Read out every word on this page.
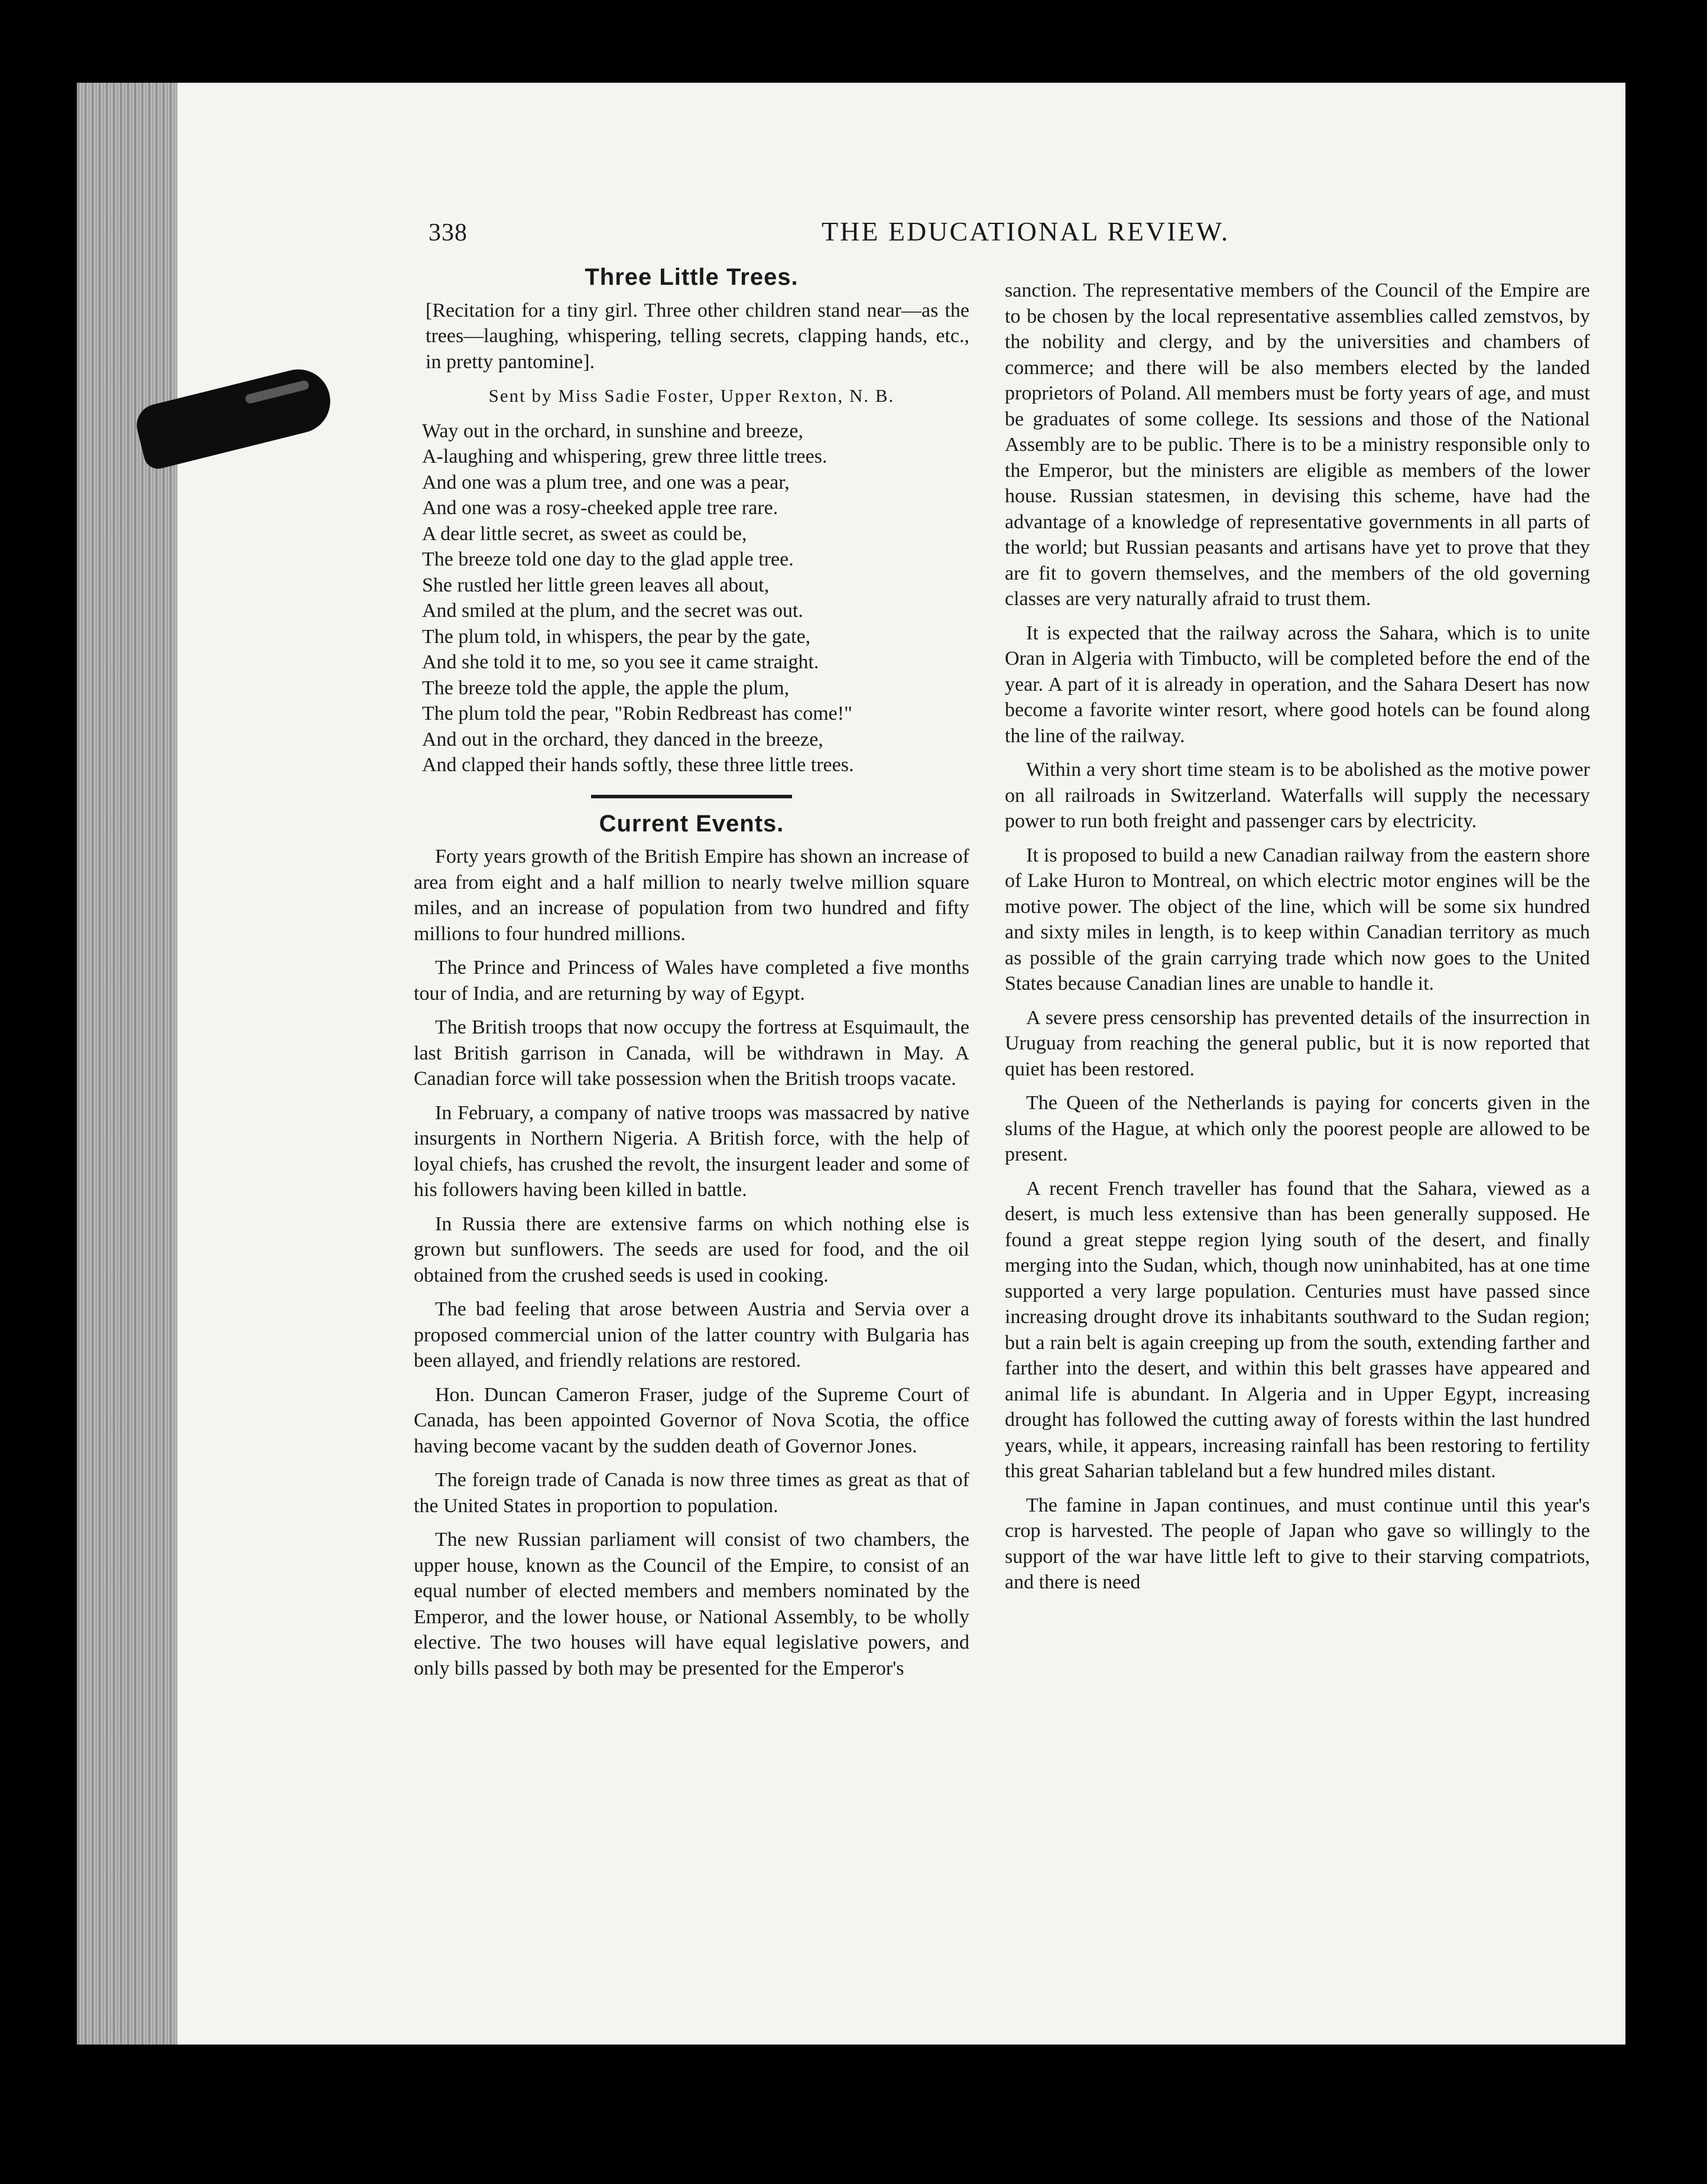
338	THE EDUCATIONAL REVIEW.
Three Little Trees.

[Recitation for a tiny girl. Three other children stand near—as the trees—laughing, whispering, telling secrets, clapping hands, etc., in pretty pantomine].

Sent by Miss Sadie Foster, Upper Rexton, N. B.
Way out in the orchard, in sunshine and breeze,
A-laughing and whispering, grew three little trees.
And one was a plum tree, and one was a pear,
And one was a rosy-cheeked apple tree rare.
A dear little secret, as sweet as could be,
The breeze told one day to the glad apple tree.
She rustled her little green leaves all about,
And smiled at the plum, and the secret was out.
The plum told, in whispers, the pear by the gate,
And she told it to me, so you see it came straight.
The breeze told the apple, the apple the plum,
The plum told the pear, "Robin Redbreast has come!"
And out in the orchard, they danced in the breeze,
And clapped their hands softly, these three little trees.
Current Events.

Forty years growth of the British Empire has shown an increase of area from eight and a half million to nearly twelve million square miles, and an increase of population from two hundred and fifty millions to four hundred millions.

The Prince and Princess of Wales have completed a five months tour of India, and are returning by way of Egypt.

The British troops that now occupy the fortress at Esquimault, the last British garrison in Canada, will be withdrawn in May. A Canadian force will take possession when the British troops vacate.

In February, a company of native troops was massacred by native insurgents in Northern Nigeria. A British force, with the help of loyal chiefs, has crushed the revolt, the insurgent leader and some of his followers having been killed in battle.

In Russia there are extensive farms on which nothing else is grown but sunflowers. The seeds are used for food, and the oil obtained from the crushed seeds is used in cooking.

The bad feeling that arose between Austria and Servia over a proposed commercial union of the latter country with Bulgaria has been allayed, and friendly relations are restored.

Hon. Duncan Cameron Fraser, judge of the Supreme Court of Canada, has been appointed Governor of Nova Scotia, the office having become vacant by the sudden death of Governor Jones.

The foreign trade of Canada is now three times as great as that of the United States in proportion to population.

The new Russian parliament will consist of two chambers, the upper house, known as the Council of the Empire, to consist of an equal number of elected members and members nominated by the Emperor, and the lower house, or National Assembly, to be wholly elective. The two houses will have equal legislative powers, and only bills passed by both may be presented for the Emperor's

sanction. The representative members of the Council of the Empire are to be chosen by the local representative assemblies called zemstvos, by the nobility and clergy, and by the universities and chambers of commerce; and there will be also members elected by the landed proprietors of Poland. All members must be forty years of age, and must be graduates of some college. Its sessions and those of the National Assembly are to be public. There is to be a ministry responsible only to the Emperor, but the ministers are eligible as members of the lower house. Russian statesmen, in devising this scheme, have had the advantage of a knowledge of representative governments in all parts of the world; but Russian peasants and artisans have yet to prove that they are fit to govern themselves, and the members of the old governing classes are very naturally afraid to trust them.

It is expected that the railway across the Sahara, which is to unite Oran in Algeria with Timbucto, will be completed before the end of the year. A part of it is already in operation, and the Sahara Desert has now become a favorite winter resort, where good hotels can be found along the line of the railway.

Within a very short time steam is to be abolished as the motive power on all railroads in Switzerland. Waterfalls will supply the necessary power to run both freight and passenger cars by electricity.

It is proposed to build a new Canadian railway from the eastern shore of Lake Huron to Montreal, on which electric motor engines will be the motive power. The object of the line, which will be some six hundred and sixty miles in length, is to keep within Canadian territory as much as possible of the grain carrying trade which now goes to the United States because Canadian lines are unable to handle it.

A severe press censorship has prevented details of the insurrection in Uruguay from reaching the general public, but it is now reported that quiet has been restored.

The Queen of the Netherlands is paying for concerts given in the slums of the Hague, at which only the poorest people are allowed to be present.

A recent French traveller has found that the Sahara, viewed as a desert, is much less extensive than has been generally supposed. He found a great steppe region lying south of the desert, and finally merging into the Sudan, which, though now uninhabited, has at one time supported a very large population. Centuries must have passed since increasing drought drove its inhabitants southward to the Sudan region; but a rain belt is again creeping up from the south, extending farther and farther into the desert, and within this belt grasses have appeared and animal life is abundant. In Algeria and in Upper Egypt, increasing drought has followed the cutting away of forests within the last hundred years, while, it appears, increasing rainfall has been restoring to fertility this great Saharian tableland but a few hundred miles distant.

The famine in Japan continues, and must continue until this year's crop is harvested. The people of Japan who gave so willingly to the support of the war have little left to give to their starving compatriots, and there is need
